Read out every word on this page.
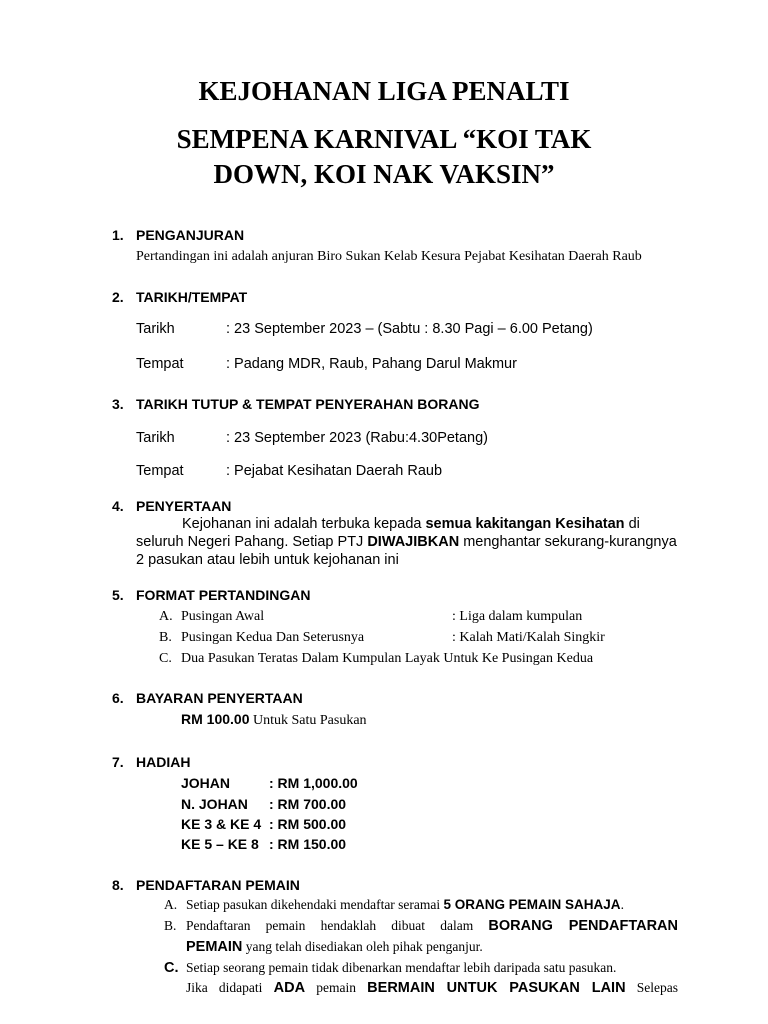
KEJOHANAN LIGA PENALTI
SEMPENA KARNIVAL “KOI TAK
DOWN, KOI NAK VAKSIN”
1. PENGANJURAN
Pertandingan ini adalah anjuran Biro Sukan Kelab Kesura Pejabat Kesihatan Daerah Raub
2. TARIKH/TEMPAT
Tarikh	: 23 September 2023 – (Sabtu : 8.30 Pagi – 6.00 Petang)
Tempat	: Padang MDR, Raub, Pahang Darul Makmur
3. TARIKH TUTUP & TEMPAT PENYERAHAN BORANG
Tarikh	: 23 September 2023 (Rabu:4.30Petang)
Tempat	: Pejabat Kesihatan Daerah Raub
4. PENYERTAAN
Kejohanan ini adalah terbuka kepada semua kakitangan Kesihatan di
seluruh Negeri Pahang. Setiap PTJ DIWAJIBKAN menghantar sekurang-kurangnya
2 pasukan atau lebih untuk kejohanan ini
5. FORMAT PERTANDINGAN
A. Pusingan Awal	: Liga dalam kumpulan
B. Pusingan Kedua Dan Seterusnya	: Kalah Mati/Kalah Singkir
C. Dua Pasukan Teratas Dalam Kumpulan Layak Untuk Ke Pusingan Kedua
6. BAYARAN PENYERTAAN
RM 100.00 Untuk Satu Pasukan
7. HADIAH
JOHAN	: RM 1,000.00
N. JOHAN : RM 700.00
KE 3 & KE 4 : RM 500.00
KE 5 – KE 8 : RM 150.00
8. PENDAFTARAN PEMAIN
A. Setiap pasukan dikehendaki mendaftar seramai 5 ORANG PEMAIN SAHAJA.
B. Pendaftaran pemain hendaklah dibuat dalam BORANG PENDAFTARAN
PEMAIN yang telah disediakan oleh pihak penganjur.
C. Setiap seorang pemain tidak dibenarkan mendaftar lebih daripada satu pasukan.
Jika didapati ADA pemain BERMAIN UNTUK PASUKAN LAIN Selepas
